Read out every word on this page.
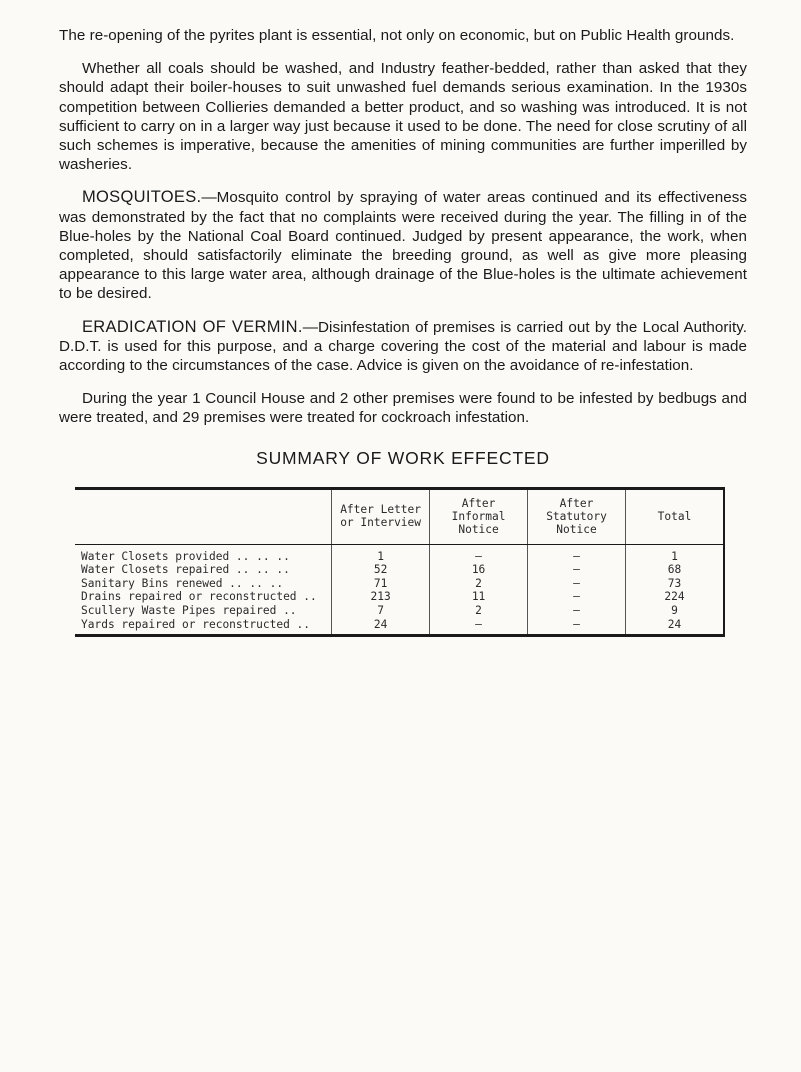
The re-opening of the pyrites plant is essential, not only on economic, but on Public Health grounds.

Whether all coals should be washed, and Industry feather-bedded, rather than asked that they should adapt their boiler-houses to suit unwashed fuel demands serious examination. In the 1930s competition between Collieries demanded a better product, and so washing was introduced. It is not sufficient to carry on in a larger way just because it used to be done. The need for close scrutiny of all such schemes is imperative, because the amenities of mining communities are further imperilled by washeries.

MOSQUITOES.—Mosquito control by spraying of water areas continued and its effectiveness was demonstrated by the fact that no complaints were received during the year. The filling in of the Blue-holes by the National Coal Board continued. Judged by present appearance, the work, when completed, should satisfactorily eliminate the breeding ground, as well as give more pleasing appearance to this large water area, although drainage of the Blue-holes is the ultimate achievement to be desired.

ERADICATION OF VERMIN.—Disinfestation of premises is carried out by the Local Authority. D.D.T. is used for this purpose, and a charge covering the cost of the material and labour is made according to the circumstances of the case. Advice is given on the avoidance of re-infestation.

During the year 1 Council House and 2 other premises were found to be infested by bedbugs and were treated, and 29 premises were treated for cockroach infestation.

SUMMARY OF WORK EFFECTED
	After Letter or Interview	After Informal Notice	After Statutory Notice	Total
Water Closets provided .. .. ..	1	—	—	1
Water Closets repaired .. .. ..	52	16	—	68
Sanitary Bins renewed .. .. ..	71	2	—	73
Drains repaired or reconstructed ..	213	11	—	224
Scullery Waste Pipes repaired ..	7	2	—	9
Yards repaired or reconstructed ..	24	—	—	24
